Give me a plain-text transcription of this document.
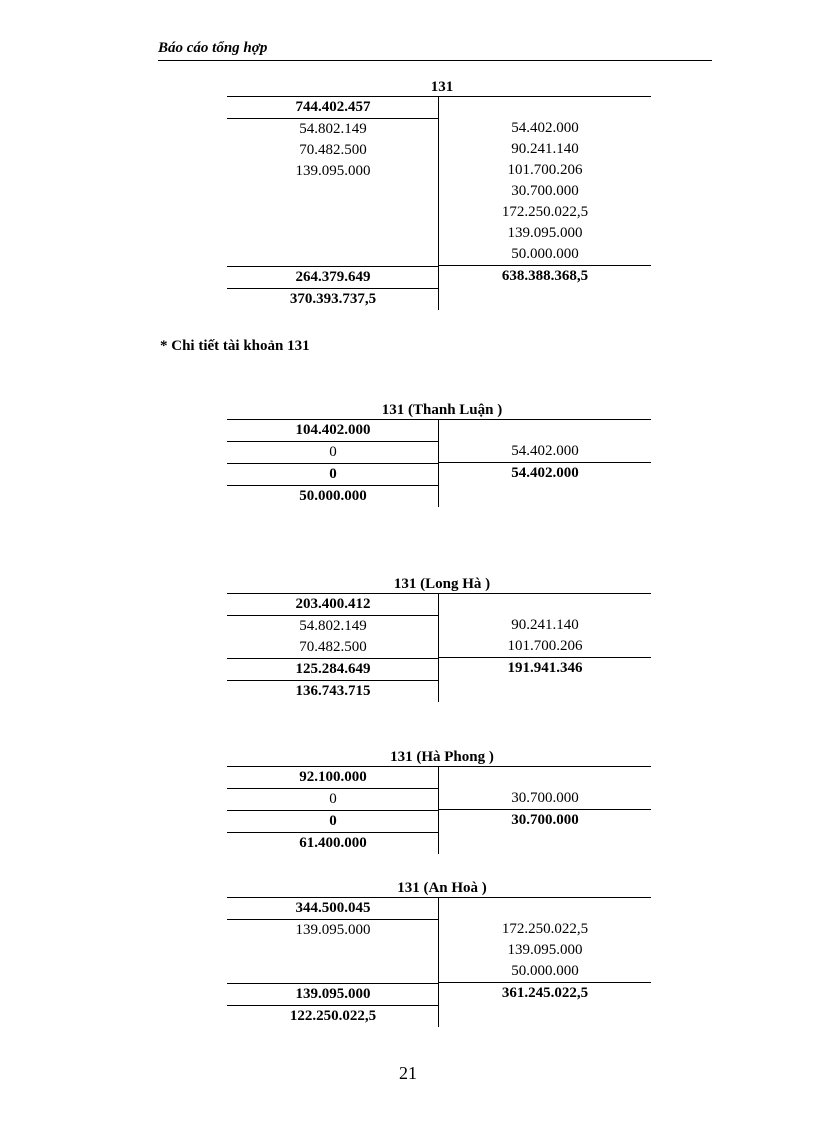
Báo cáo tổng hợp
131
744.402.457
54.802.149
70.482.500
139.095.000
264.379.649
370.393.737,5
54.402.000
90.241.140
101.700.206
30.700.000
172.250.022,5
139.095.000
50.000.000
638.388.368,5
* Chi tiết tài khoản 131
131 (Thanh Luận )
104.402.000
0
0
50.000.000
54.402.000
54.402.000
131 (Long Hà )
203.400.412
54.802.149
70.482.500
125.284.649
136.743.715
90.241.140
101.700.206
191.941.346
131 (Hà Phong )
92.100.000
0
0
61.400.000
30.700.000
30.700.000
131 (An Hoà )
344.500.045
139.095.000
139.095.000
122.250.022,5
172.250.022,5
139.095.000
50.000.000
361.245.022,5
21
